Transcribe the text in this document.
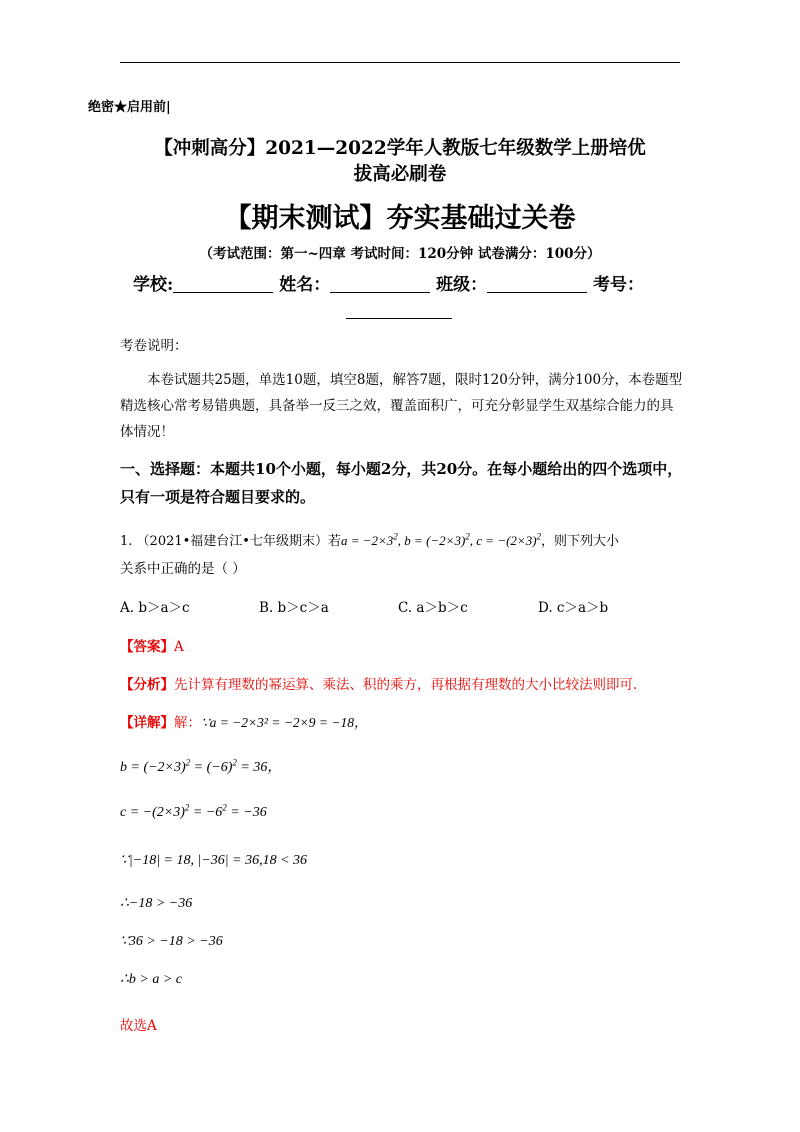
绝密★启用前|
【冲刺高分】2021—2022学年人教版七年级数学上册培优
拔高必刷卷
【期末测试】夯实基础过关卷
（考试范围：第一~四章 考试时间：120分钟 试卷满分：100分）
学校:	姓名：	班级：	考号：
考卷说明：
本卷试题共25题，单选10题，填空8题，解答7题，限时120分钟，满分100分，本卷题型精选核心常考易错典题，具备举一反三之效，覆盖面积广，可充分彰显学生双基综合能力的具体情况！
一、选择题：本题共10个小题，每小题2分，共20分。在每小题给出的四个选项中，只有一项是符合题目要求的。
1. （2021•福建台江•七年级期末）若$a = -2\times 3^2$, $b = (-2\times 3)^2$, $c = -(2\times 3)^2$，则下列大小
关系中正确的是（ ）
A. b＞a＞c	B. b＞c＞a	C. a＞b＞c	D. c＞a＞b
【答案】A
【分析】先计算有理数的幂运算、乘法、积的乘方，再根据有理数的大小比较法则即可.
【详解】解：∵a = −2×3² = −2×9 = −18，
$b = (-2\times 3)^2 = (-6)^2 = 36$，
$c = -(2\times 3)^2 = -6^2 = -36$
∵|−18| = 18, |−36| = 36,18 < 36
∴−18 > −36
∵36 > −18 > −36
∴b > a > c
故选A
